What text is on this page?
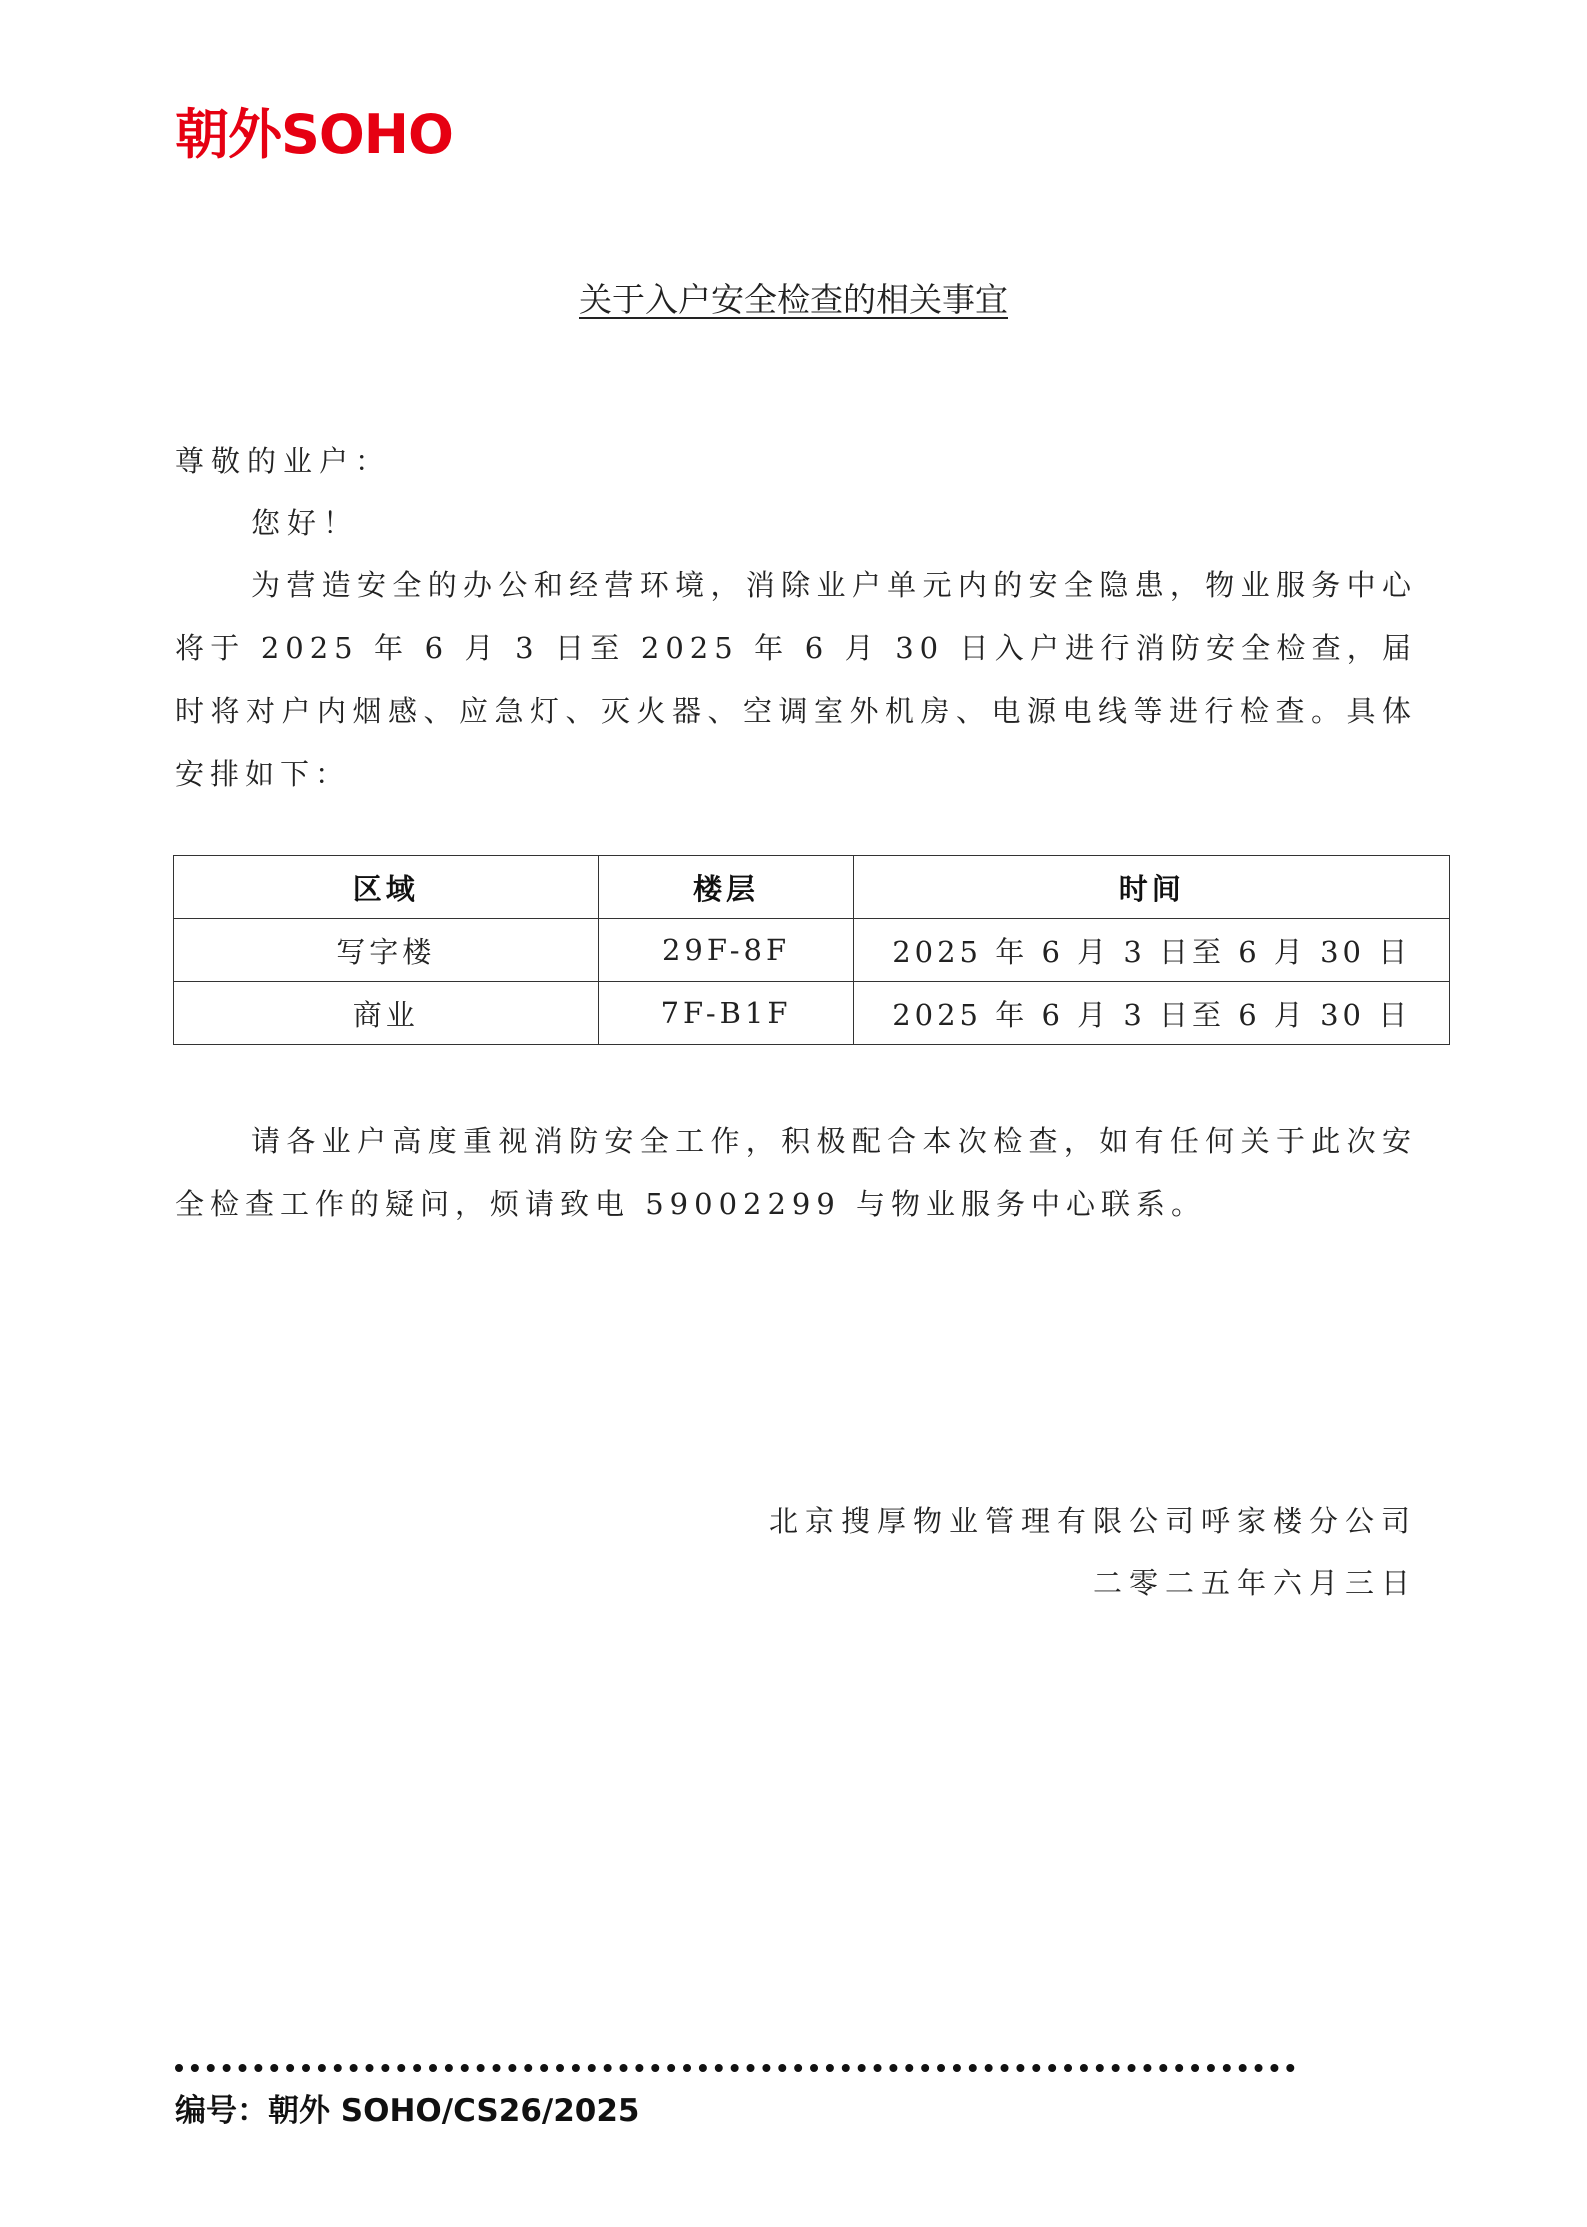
朝外SOHO
关于入户安全检查的相关事宜
尊敬的业户：
您好！
为营造安全的办公和经营环境，消除业户单元内的安全隐患，物业服务中心将于 2025 年 6 月 3 日至 2025 年 6 月 30 日入户进行消防安全检查，届时将对户内烟感、应急灯、灭火器、空调室外机房、电源电线等进行检查。具体安排如下：
区域	楼层	时间
写字楼	29F-8F	2025 年 6 月 3 日至 6 月 30 日
商业	7F-B1F	2025 年 6 月 3 日至 6 月 30 日
请各业户高度重视消防安全工作，积极配合本次检查，如有任何关于此次安全检查工作的疑问，烦请致电 59002299 与物业服务中心联系。
北京搜厚物业管理有限公司呼家楼分公司
二零二五年六月三日
编号：朝外 SOHO/CS26/2025
